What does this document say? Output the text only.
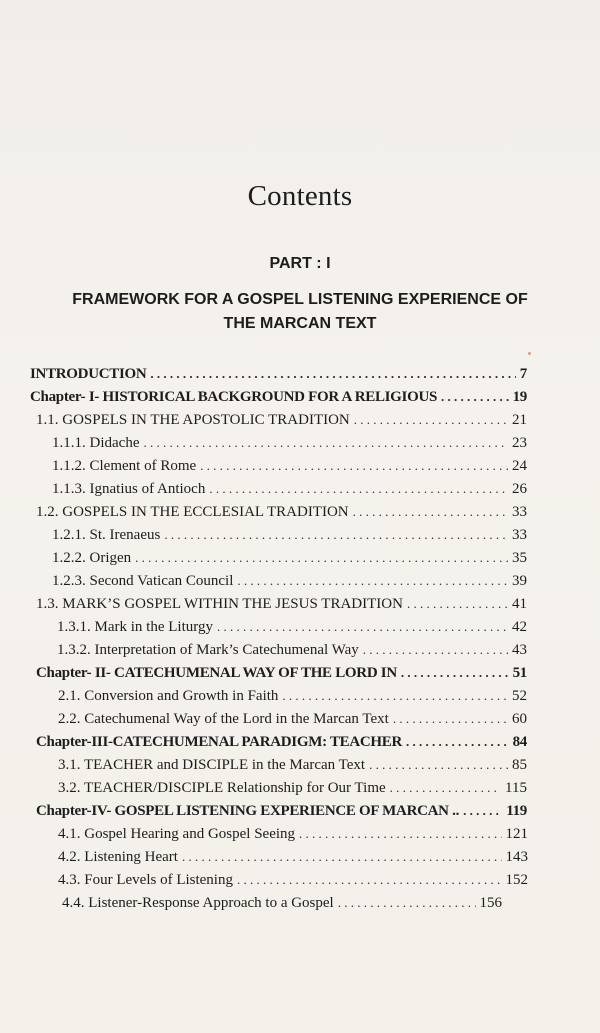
Contents
PART : I

FRAMEWORK FOR A GOSPEL LISTENING EXPERIENCE OF
THE MARCAN TEXT

INTRODUCTION . . .	7
Chapter- I- HISTORICAL BACKGROUND FOR A RELIGIOUS . . .	19
1.1. GOSPELS IN THE APOSTOLIC TRADITION . . .	21
1.1.1. Didache . . .	23
1.1.2. Clement of Rome . . .	24
1.1.3. Ignatius of Antioch . . .	26
1.2. GOSPELS IN THE ECCLESIAL TRADITION . . .	33
1.2.1. St. Irenaeus . . .	33
1.2.2. Origen . . .	35
1.2.3. Second Vatican Council . . .	39
1.3. MARK’S GOSPEL WITHIN THE JESUS TRADITION . . .	41
1.3.1. Mark in the Liturgy . . .	42
1.3.2. Interpretation of Mark’s Catechumenal Way . . .	43
Chapter- II- CATECHUMENAL WAY OF THE LORD IN . . .	51
2.1. Conversion and Growth in Faith . . .	52
2.2. Catechumenal Way of the Lord in the Marcan Text . . .	60
Chapter-III-CATECHUMENAL PARADIGM: TEACHER . . .	84
3.1. TEACHER and DISCIPLE in the Marcan Text . . .	85
3.2. TEACHER/DISCIPLE Relationship for Our Time . . .	115
Chapter-IV- GOSPEL LISTENING EXPERIENCE OF MARCAN .. . . .	119
4.1. Gospel Hearing and Gospel Seeing . . .	121
4.2. Listening Heart . . .	143
4.3. Four Levels of Listening . . .	152
4.4. Listener-Response Approach to a Gospel . . .	156
